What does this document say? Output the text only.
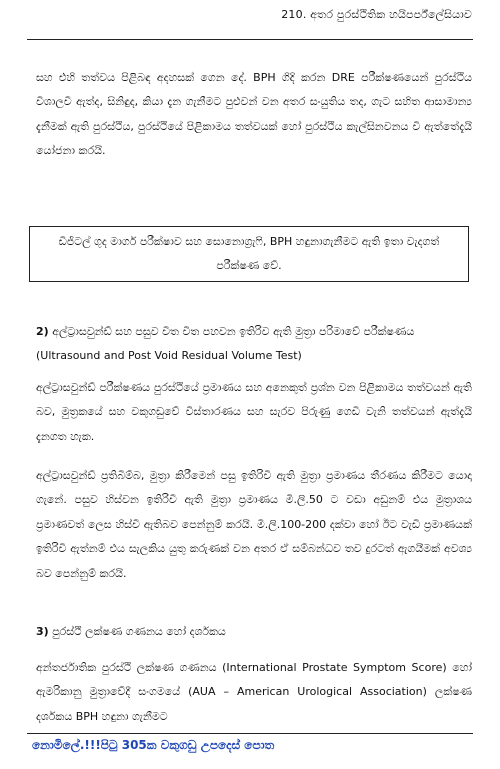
210. අතර පුරස්ථිතික හයිපර්ප්ලේසියාව

සහ එහි තත්වය පිළිබඳ අදහසක් ගෙන දේ. BPH ගිදි කරන DRE පරීක්ෂණයෙන් පුරස්ථිය විශාලවී ඇත්ද, සිනිඳුද, කියා දැන ගැනීමට පුළුවන් වන අතර සංයුතිය තද, ගැට සහිත ආසාමාන්‍ය දැනීමක් ඇති පුරස්ථිය, පුරස්ථියේ පිළිකාමය තත්වයක් හෝ පුරස්ථිය කැල්සිනවනය වී ඇත්තේදැයි යෝජනා කරයි.

ඩිජිටල් ගුද මාර්ග පරීක්ෂාව සහ සොනොග්‍රැෆි, BPH හඳුනාගැනීමට ඇති ඉතා වැදගත් පරීක්ෂණ වේ.

2) අල්ට්‍රාසවුන්ඩ් සහ පසුව විත විත පහවන ඉතිරිව ඇති මුත්‍රා පරිමාවේ පරීක්ෂණය (Ultrasound and Post Void Residual Volume Test)

අල්ට්‍රාසවුන්ඩ් පරීක්ෂණය පුරස්ථියේ ප්‍රමාණය සහ අනෙකුත් ප්‍රශ්න වන පිළිකාමය තත්වයන් ඇති බව, මුත්‍රකයේ සහ වකුගඩුවේ විස්තාරණය සහ සැරව පිරුණු ගෙඩි වැනි තත්වයන් ඇත්දැයි දැනගත හැක.

අල්ට්‍රාසවුන්ඩ් ප්‍රතිබිම්බ, මුත්‍රා කිරීමෙන් පසු ඉතිරිවී ඇති මුත්‍රා ප්‍රමාණය තීරණය කිරීමට යොදා ගැනේ. පසුව හිස්වන ඉතිරිවී ඇති මුත්‍රා ප්‍රමාණය මි.ලි.50 ට වඩා අඩුනම් එය මුත්‍රාශය ප්‍රමාණවත් ලෙස හිස්වී ඇතිබව පෙන්නුම් කරයි. මි.ලි.100-200 දක්වා හෝ ඊට වැඩි ප්‍රමාණයක් ඉතිරිවී ඇත්නම් එය සැලකිය යුතු කරුණක් වන අතර ඒ සම්බන්ධව තව දුරටත් ඇගයීමක් අවශ්‍ය බව පෙන්නුම් කරයි.

3) පුරස්ථි ලක්ෂණ ගණනය හෝ දර්ශකය

අන්තර්ජාතික පුරස්ථි ලක්ෂණ ගණනය (International Prostate Symptom Score) හෝ ඇමරිකානු මුත්‍රාවේදී සංගමයේ (AUA – American Urological Association) ලක්ෂණ දර්ශකය BPH හඳුනා ගැනීමට

නොමිලේ.!!!පිටු 305ක වකුගඩු උපදෙස් පොත
